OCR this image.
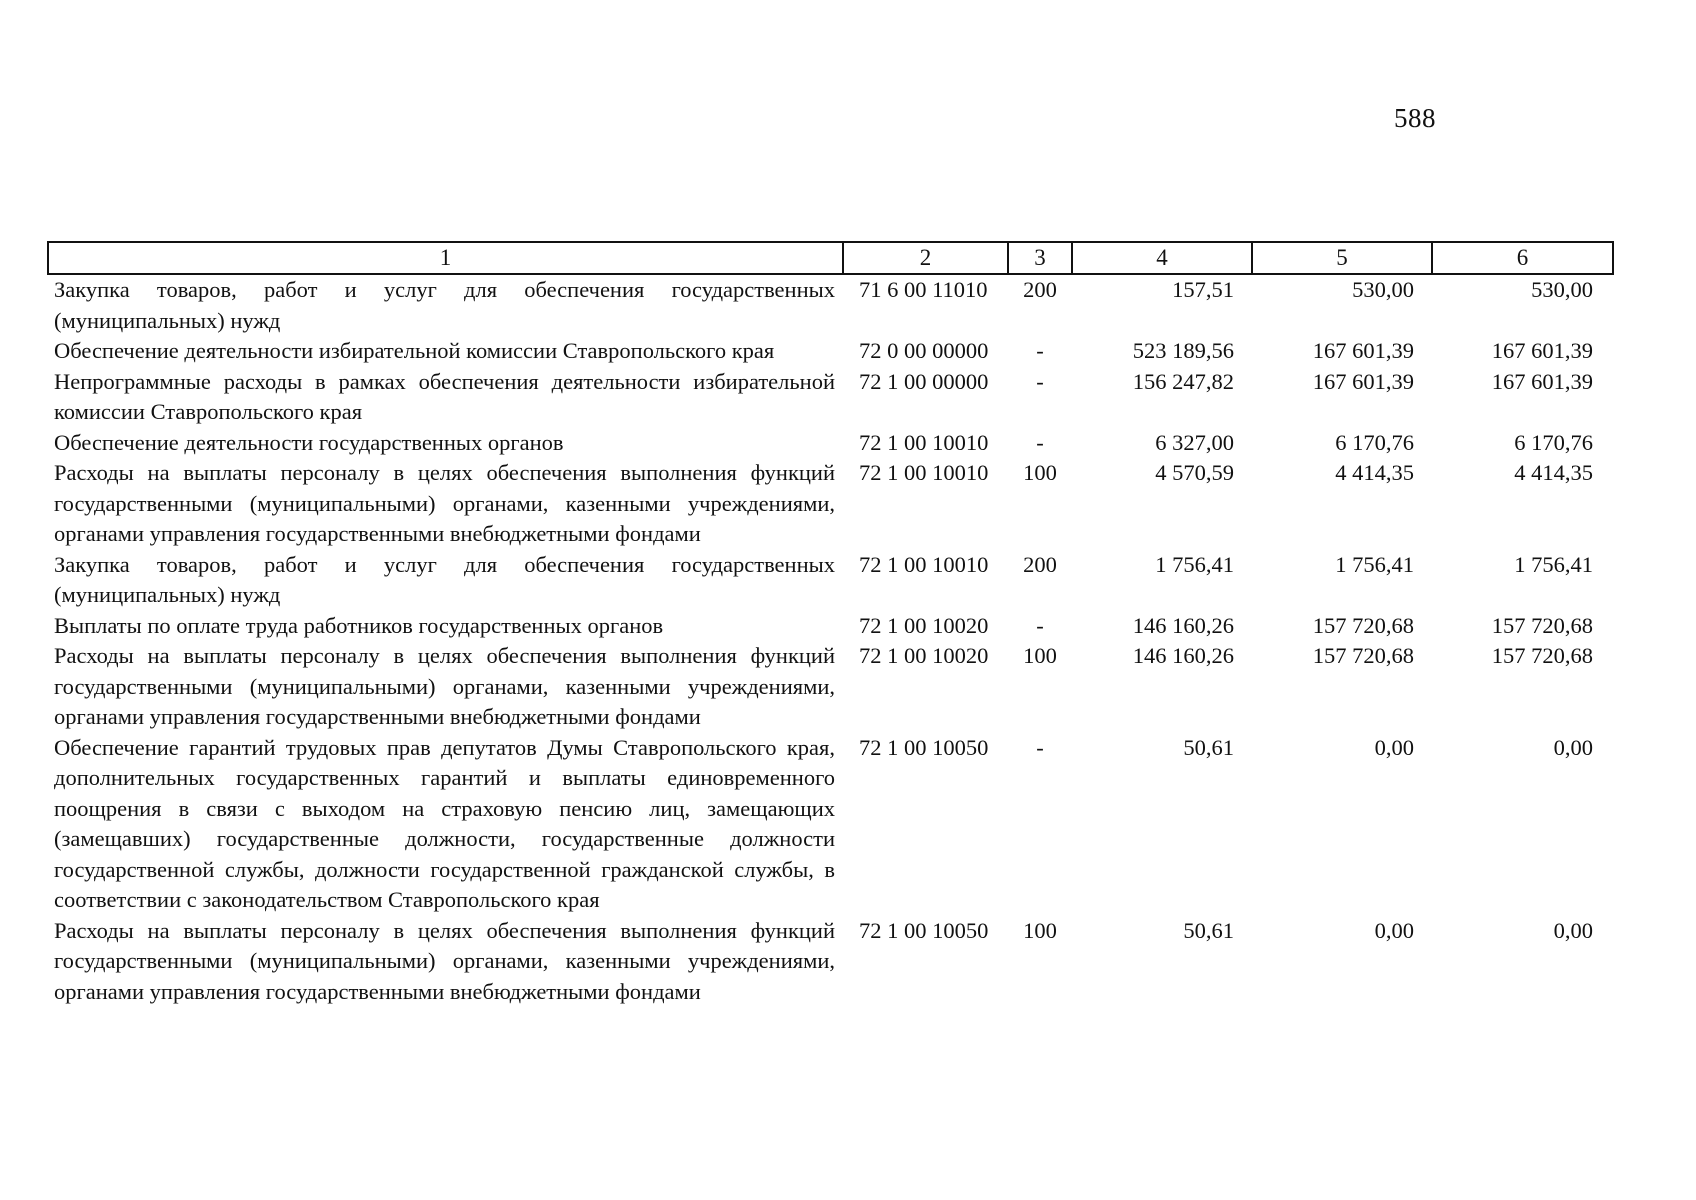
588
1	2	3	4	5	6
Закупка товаров, работ и услуг для обеспечения государственных (муниципальных) нужд	71 6 00 11010	200	157,51	530,00	530,00
Обеспечение деятельности избирательной комиссии Ставропольского края	72 0 00 00000	-	523 189,56	167 601,39	167 601,39
Непрограммные расходы в рамках обеспечения деятельности избирательной комиссии Ставропольского края	72 1 00 00000	-	156 247,82	167 601,39	167 601,39
Обеспечение деятельности государственных органов	72 1 00 10010	-	6 327,00	6 170,76	6 170,76
Расходы на выплаты персоналу в целях обеспечения выполнения функций государственными (муниципальными) органами, казенными учреждениями, органами управления государственными внебюджетными фондами	72 1 00 10010	100	4 570,59	4 414,35	4 414,35
Закупка товаров, работ и услуг для обеспечения государственных (муниципальных) нужд	72 1 00 10010	200	1 756,41	1 756,41	1 756,41
Выплаты по оплате труда работников государственных органов	72 1 00 10020	-	146 160,26	157 720,68	157 720,68
Расходы на выплаты персоналу в целях обеспечения выполнения функций государственными (муниципальными) органами, казенными учреждениями, органами управления государственными внебюджетными фондами	72 1 00 10020	100	146 160,26	157 720,68	157 720,68
Обеспечение гарантий трудовых прав депутатов Думы Ставропольского края, дополнительных государственных гарантий и выплаты единовременного поощрения в связи с выходом на страховую пенсию лиц, замещающих (замещавших) государственные должности, государственные должности государственной службы, должности государственной гражданской службы, в соответствии с законодательством Ставропольского края	72 1 00 10050	-	50,61	0,00	0,00
Расходы на выплаты персоналу в целях обеспечения выполнения функций государственными (муниципальными) органами, казенными учреждениями, органами управления государственными внебюджетными фондами	72 1 00 10050	100	50,61	0,00	0,00
